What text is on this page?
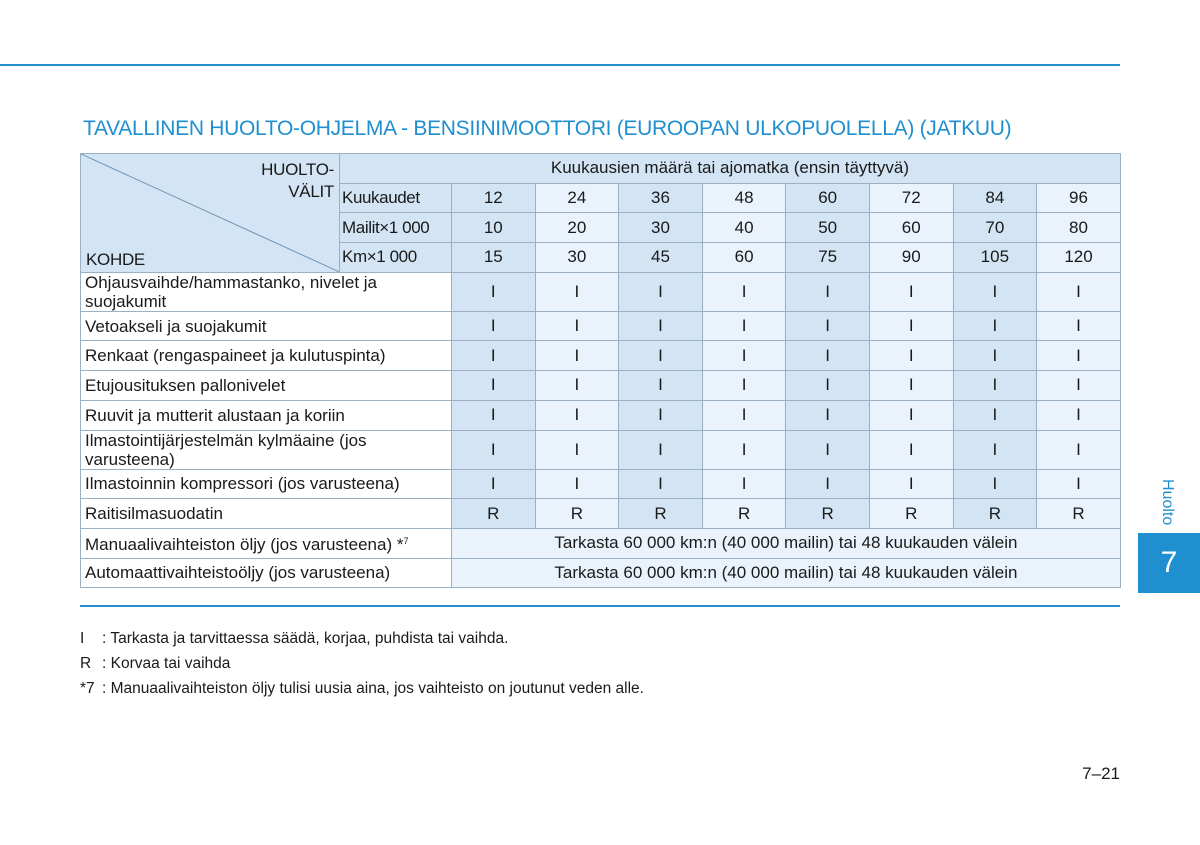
TAVALLINEN HUOLTO-OHJELMA - BENSIINIMOOTTORI (EUROOPAN ULKOPUOLELLA) (JATKUU)
HUOLTO-
VÄLIT
KOHDE	Kuukausien määrä tai ajomatka (ensin täyttyvä)								
	Kuukaudet	12	24	36	48	60	72	84	96
	Mailit×1 000	10	20	30	40	50	60	70	80
	Km×1 000	15	30	45	60	75	90	105	120
Ohjausvaihde/hammastanko, nivelet ja suojakumit		I	I	I	I	I	I	I	I
Vetoakseli ja suojakumit		I	I	I	I	I	I	I	I
Renkaat (rengaspaineet ja kulutuspinta)		I	I	I	I	I	I	I	I
Etujousituksen pallonivelet		I	I	I	I	I	I	I	I
Ruuvit ja mutterit alustaan ja koriin		I	I	I	I	I	I	I	I
Ilmastointijärjestelmän kylmäaine (jos varusteena)		I	I	I	I	I	I	I	I
Ilmastoinnin kompressori (jos varusteena)		I	I	I	I	I	I	I	I
Raitisilmasuodatin		R	R	R	R	R	R	R	R
Manuaalivaihteiston öljy (jos varusteena) *$^7$		Tarkasta 60 000 km:n (40 000 mailin) tai 48 kuukauden välein							
Automaattivaihteistoöljy (jos varusteena)		Tarkasta 60 000 km:n (40 000 mailin) tai 48 kuukauden välein							
I : Tarkasta ja tarvittaessa säädä, korjaa, puhdista tai vaihda.
R : Korvaa tai vaihda
*7 : Manuaalivaihteiston öljy tulisi uusia aina, jos vaihteisto on joutunut veden alle.
7–21
Huolto
7
